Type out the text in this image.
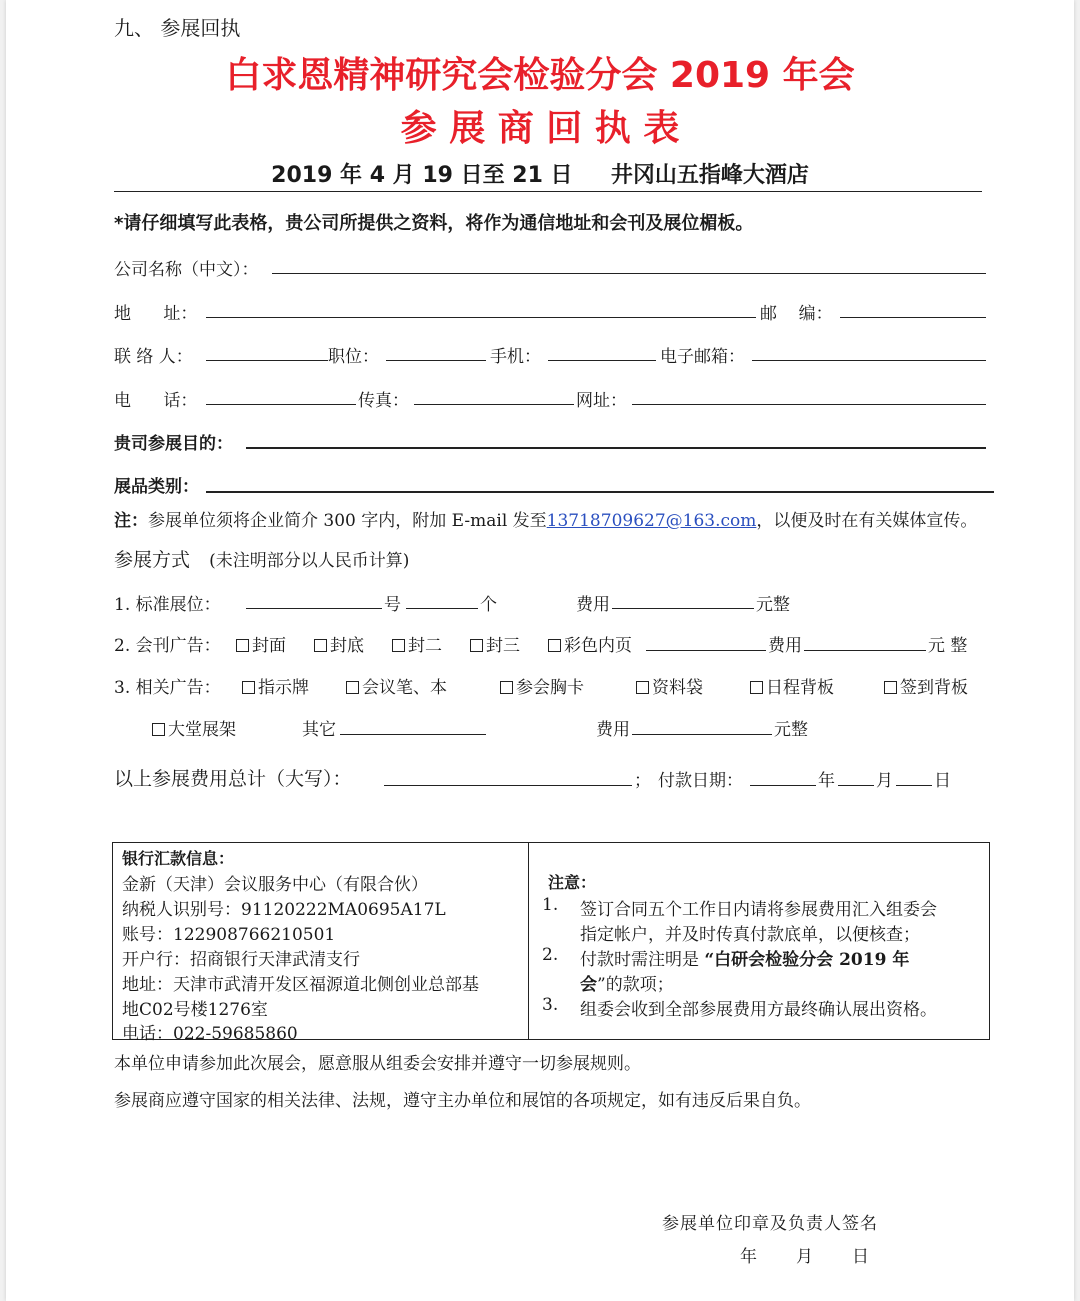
九、 参展回执
白求恩精神研究会检验分会 2019 年会
参 展 商 回 执 表
2019 年 4 月 19 日至 21 日     井冈山五指峰大酒店
*请仔细填写此表格，贵公司所提供之资料，将作为通信地址和会刊及展位楣板。
公司名称（中文）：
地      址：	邮    编：
联 络 人：	职位：	手机：	电子邮箱：
电      话：	传真：	网址：
贵司参展目的：
展品类别：
注：参展单位须将企业简介 300 字内，附加 E-mail 发至13718709627@163.com，以便及时在有关媒体宣传。
参展方式 (未注明部分以人民币计算)
1. 标准展位：	号	个	费用	元整
2. 会刊广告：	封面	封底	封二	封三	彩色内页	费用	元 整
3. 相关广告：	指示牌	会议笔、本	参会胸卡	资料袋	日程背板	签到背板
大堂展架	其它	费用	元整
以上参展费用总计（大写）：	； 付款日期：	年 月 日
银行汇款信息：
金新（天津）会议服务中心（有限合伙）
纳税人识别号：91120222MA0695A17L
账号：122908766210501
开户行：招商银行天津武清支行
地址：天津市武清开发区福源道北侧创业总部基
地C02号楼1276室
电话：022-59685860
注意：
1. 签订合同五个工作日内请将参展费用汇入组委会
指定帐户，并及时传真付款底单，以便核查；
2. 付款时需注明是 “白研会检验分会 2019 年
会”的款项；
3. 组委会收到全部参展费用方最终确认展出资格。
本单位申请参加此次展会，愿意服从组委会安排并遵守一切参展规则。
参展商应遵守国家的相关法律、法规，遵守主办单位和展馆的各项规定，如有违反后果自负。
参展单位印章及负责人签名
年 月 日
